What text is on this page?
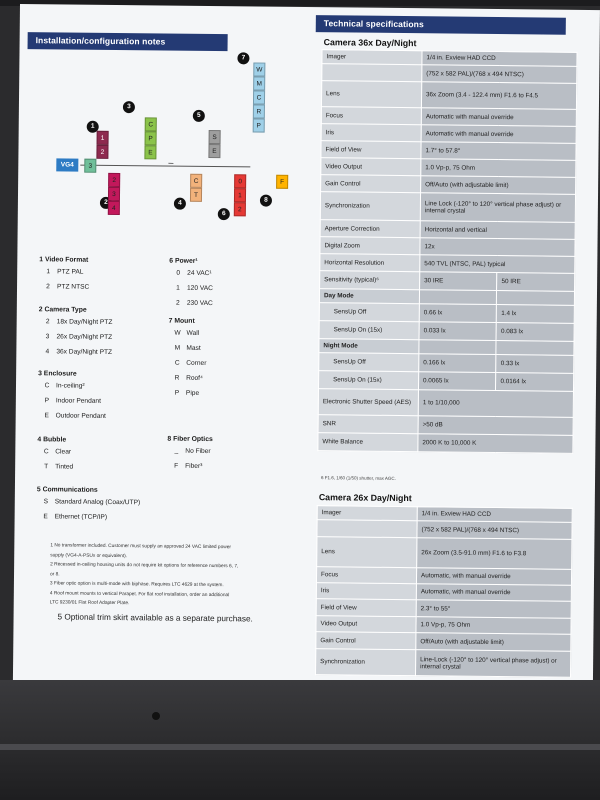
Installation/configuration notes
VG4
1
3
1
2
2
2
3
4
3
C
P
E
4
C
T
5
S
E
6
0
1
2
7
W
M
C
R
P
8
F
–
1 Video Format
1	PTZ PAL
2	PTZ NTSC
2 Camera Type
2	18x Day/Night PTZ
3	26x Day/Night PTZ
4	36x Day/Night PTZ
3 Enclosure
C In-ceiling²
P	Indoor Pendant
E	Outdoor Pendant
4 Bubble
C Clear
T	Tinted
5 Communications
S	Standard Analog (Coax/UTP)
E	Ethernet (TCP/IP)
6 Power¹
0	24 VAC¹
1	120 VAC
2	230 VAC
7 Mount
W Wall
M Mast
C Corner
R Roof⁴
P	Pipe
8 Fiber Optics
_	No Fiber
F	Fiber³
1 No transformer included. Customer must supply an approved 24 VAC limited power
supply (VG4-A-PSUx or equivalent).
2 Recessed in-ceiling housing units do not require kit options for reference numbers 6, 7,
or 8.
3 Fiber optic option is multi-mode with biphase. Requires LTC 4629 at the system.
4 Roof mount mounts to vertical Parapet. For flat roof installation, order an additional
LTC 9230/01 Flat Roof Adapter Plate.
5 Optional trim skirt available as a separate purchase.
Technical specifications
Camera 36x Day/Night
Imager	1/4 in. Exview HAD CCD	
	(752 x 582 PAL)/(768 x 494 NTSC)	
Lens	36x Zoom (3.4 - 122.4 mm) F1.6 to F4.5	
Focus	Automatic with manual override	
Iris	Automatic with manual override	
Field of View	1.7° to 57.8°	
Video Output	1.0 Vp-p, 75 Ohm	
Gain Control	Off/Auto (with adjustable limit)	
Synchronization	Line Lock (-120° to 120° vertical phase adjust) or internal crystal	
Aperture Correction	Horizontal and vertical	
Digital Zoom	12x	
Horizontal Resolution	540 TVL (NTSC, PAL) typical	
Sensitivity (typical)⁶	30 IRE	50 IRE
Day Mode		
SensUp Off	0.66 lx	1.4 lx
SensUp On (15x)	0.033 lx	0.083 lx
Night Mode		
SensUp Off	0.166 lx	0.33 lx
SensUp On (15x)	0.0065 lx	0.0164 lx
Electronic Shutter Speed (AES)	1 to 1/10,000	
SNR	>50 dB	
White Balance	2000 K to 10,000 K	
6 F1.6, 1/60 (1/50) shutter, max AGC.
Camera 26x Day/Night
Imager	1/4 in. Exview HAD CCD
	(752 x 582 PAL)/(768 x 494 NTSC)
Lens	26x Zoom (3.5-91.0 mm) F1.6 to F3.8
Focus	Automatic, with manual override
Iris	Automatic, with manual override
Field of View	2.3° to 55°
Video Output	1.0 Vp-p, 75 Ohm
Gain Control	Off/Auto (with adjustable limit)
Synchronization	Line-Lock (-120° to 120° vertical phase adjust) or internal crystal
